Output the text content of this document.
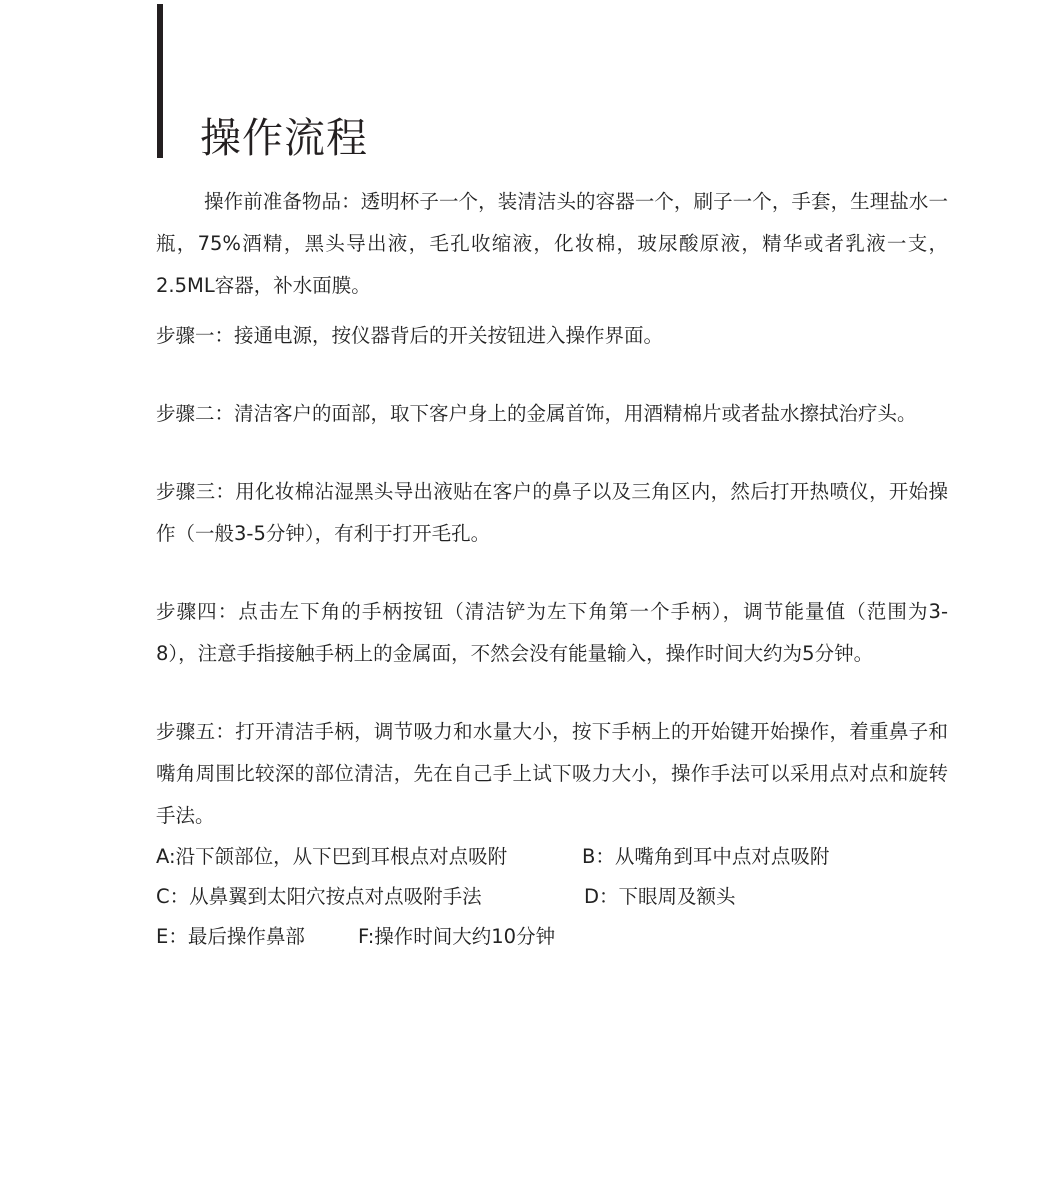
操作流程

操作前准备物品：透明杯子一个，装清洁头的容器一个，刷子一个，手套，生理盐水一瓶，75%酒精，黑头导出液，毛孔收缩液，化妆棉，玻尿酸原液，精华或者乳液一支，2.5ML容器，补水面膜。

步骤一：接通电源，按仪器背后的开关按钮进入操作界面。

步骤二：清洁客户的面部，取下客户身上的金属首饰，用酒精棉片或者盐水擦拭治疗头。

步骤三：用化妆棉沾湿黑头导出液贴在客户的鼻子以及三角区内，然后打开热喷仪，开始操作（一般3-5分钟），有利于打开毛孔。

步骤四：点击左下角的手柄按钮（清洁铲为左下角第一个手柄），调节能量值（范围为3-8），注意手指接触手柄上的金属面，不然会没有能量输入，操作时间大约为5分钟。

步骤五：打开清洁手柄，调节吸力和水量大小，按下手柄上的开始键开始操作，着重鼻子和嘴角周围比较深的部位清洁，先在自己手上试下吸力大小，操作手法可以采用点对点和旋转手法。

A:沿下颌部位，从下巴到耳根点对点吸附	B：从嘴角到耳中点对点吸附
C：从鼻翼到太阳穴按点对点吸附手法	D：下眼周及额头
E：最后操作鼻部	F:操作时间大约10分钟
